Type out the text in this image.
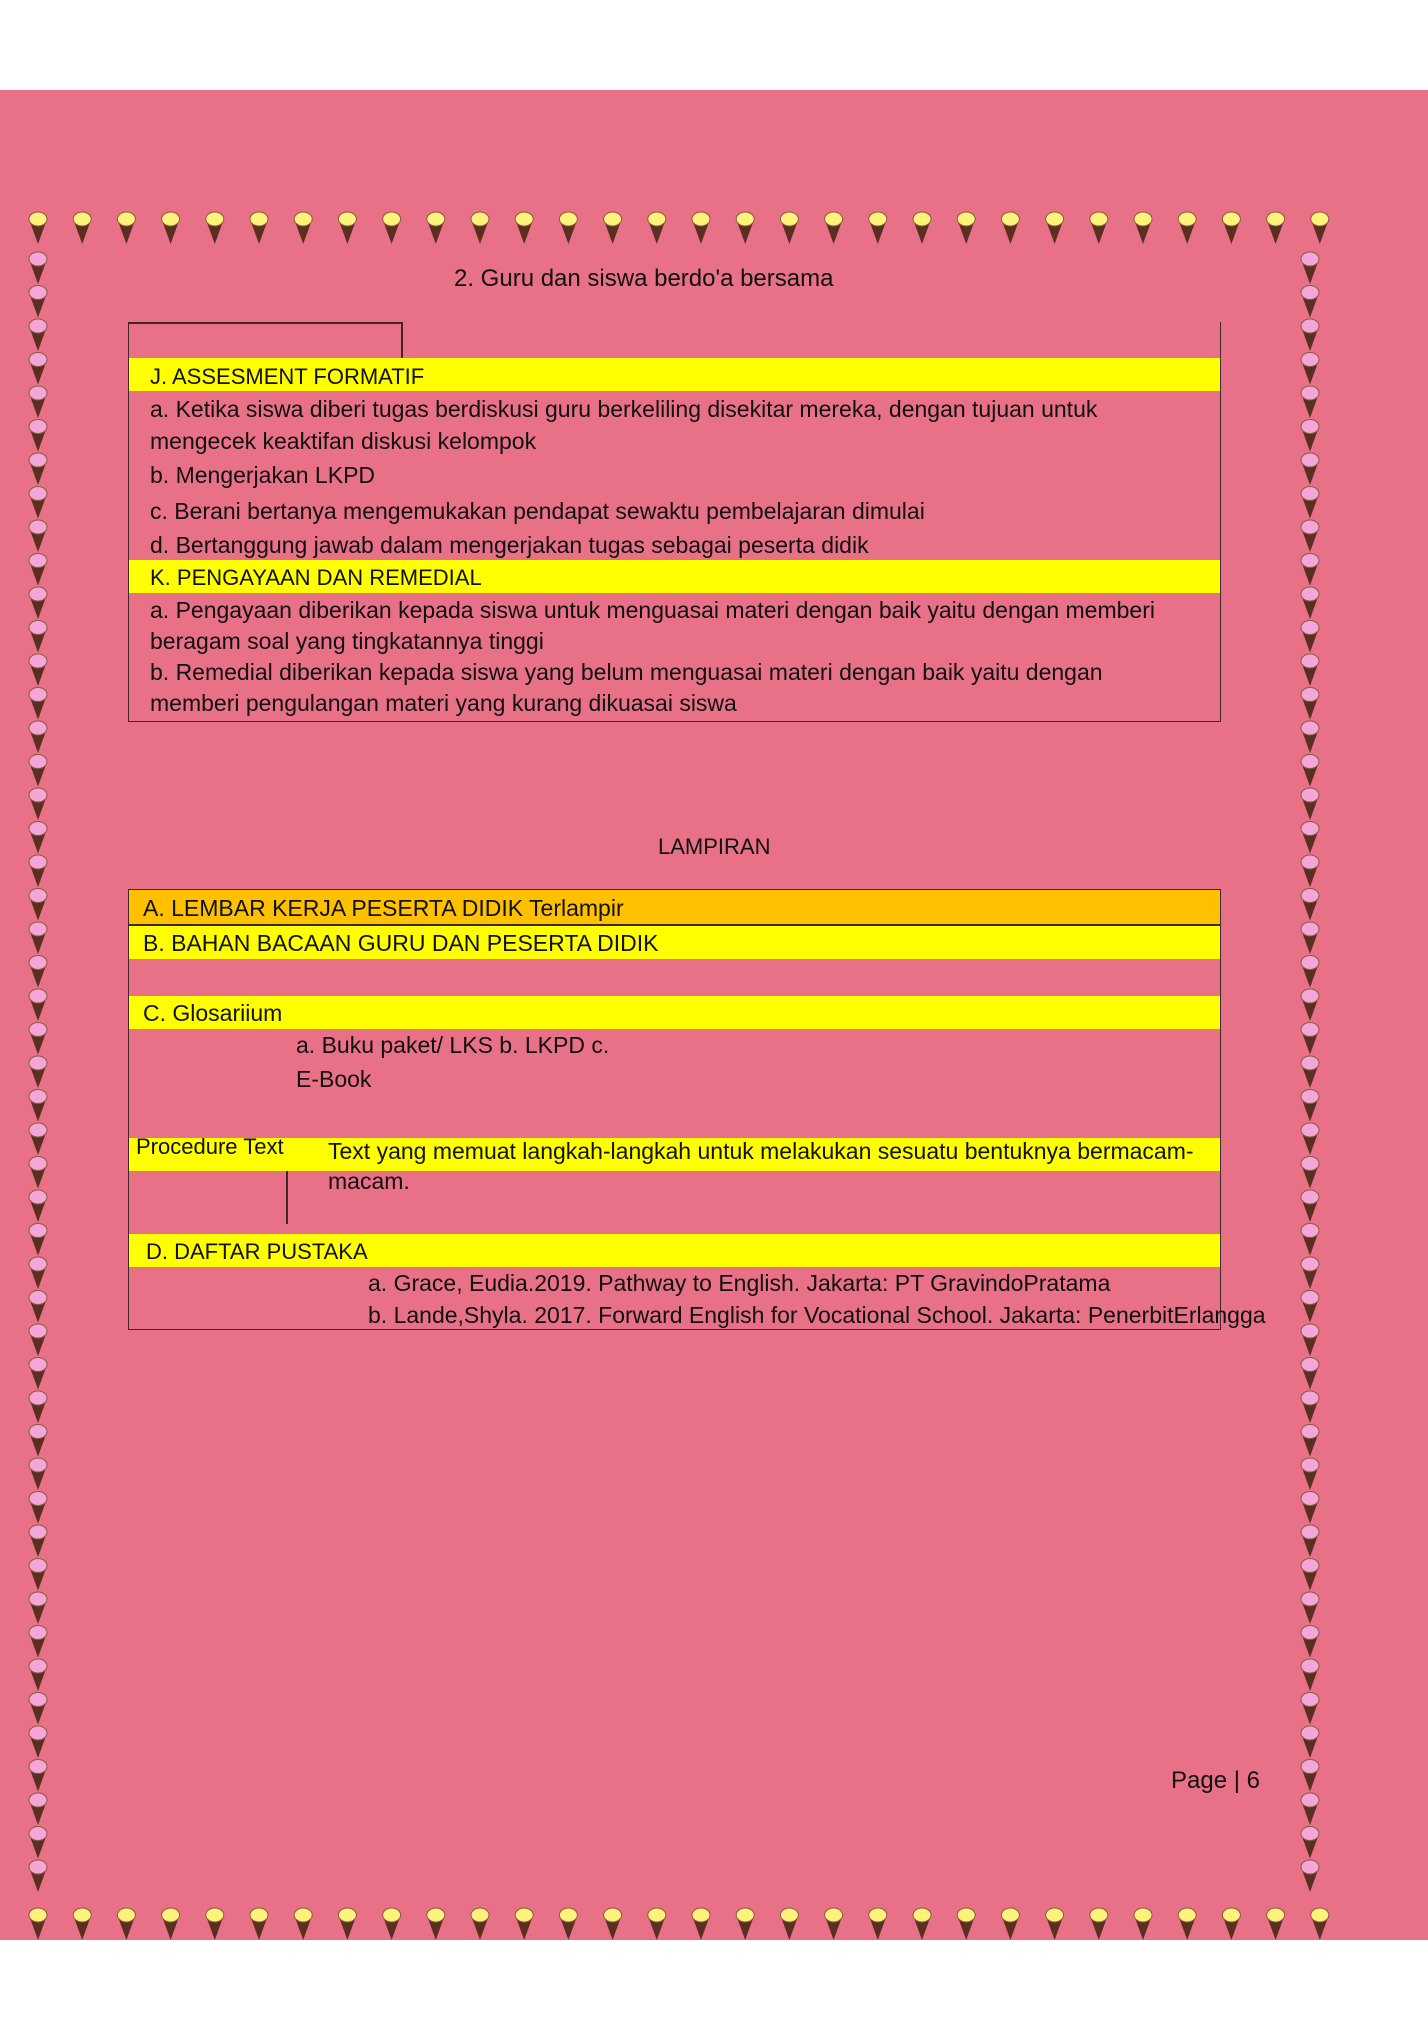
2. Guru dan siswa berdo'a bersama
J. ASSESMENT FORMATIF
a. Ketika siswa diberi tugas berdiskusi guru berkeliling disekitar mereka, dengan tujuan untuk
mengecek keaktifan diskusi kelompok
b. Mengerjakan LKPD
c. Berani bertanya mengemukakan pendapat sewaktu pembelajaran dimulai
d. Bertanggung jawab dalam mengerjakan tugas sebagai peserta didik
K. PENGAYAAN DAN REMEDIAL
a. Pengayaan diberikan kepada siswa untuk menguasai materi dengan baik yaitu dengan memberi
beragam soal yang tingkatannya tinggi
b. Remedial diberikan kepada siswa yang belum menguasai materi dengan baik yaitu dengan
memberi pengulangan materi yang kurang dikuasai siswa
LAMPIRAN
A. LEMBAR KERJA PESERTA DIDIK Terlampir
B. BAHAN BACAAN GURU DAN PESERTA DIDIK
C. Glosariium
a. Buku paket/ LKS b. LKPD c.
E-Book
Procedure Text Text yang memuat langkah-langkah untuk melakukan sesuatu bentuknya bermacam-
macam.
D. DAFTAR PUSTAKA
a. Grace, Eudia.2019. Pathway to English. Jakarta: PT GravindoPratama
b. Lande,Shyla. 2017. Forward English for Vocational School. Jakarta: PenerbitErlangga
Page | 6
